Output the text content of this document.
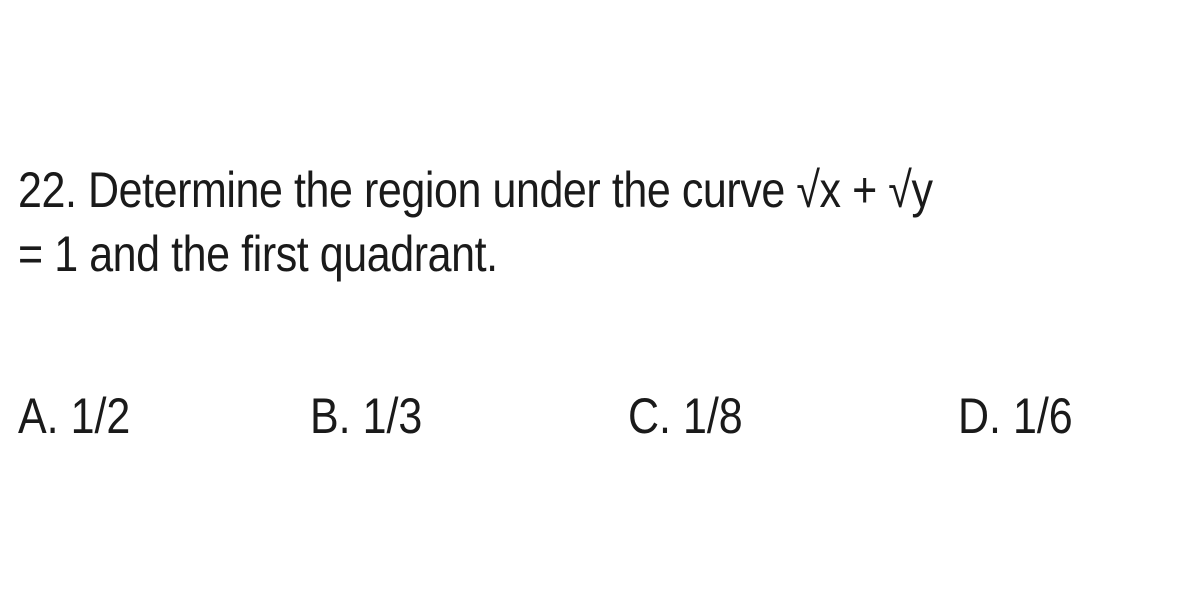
22. Determine the region under the curve √x + √y
= 1 and the first quadrant.
A. 1/2	B. 1/3	C. 1/8	D. 1/6
